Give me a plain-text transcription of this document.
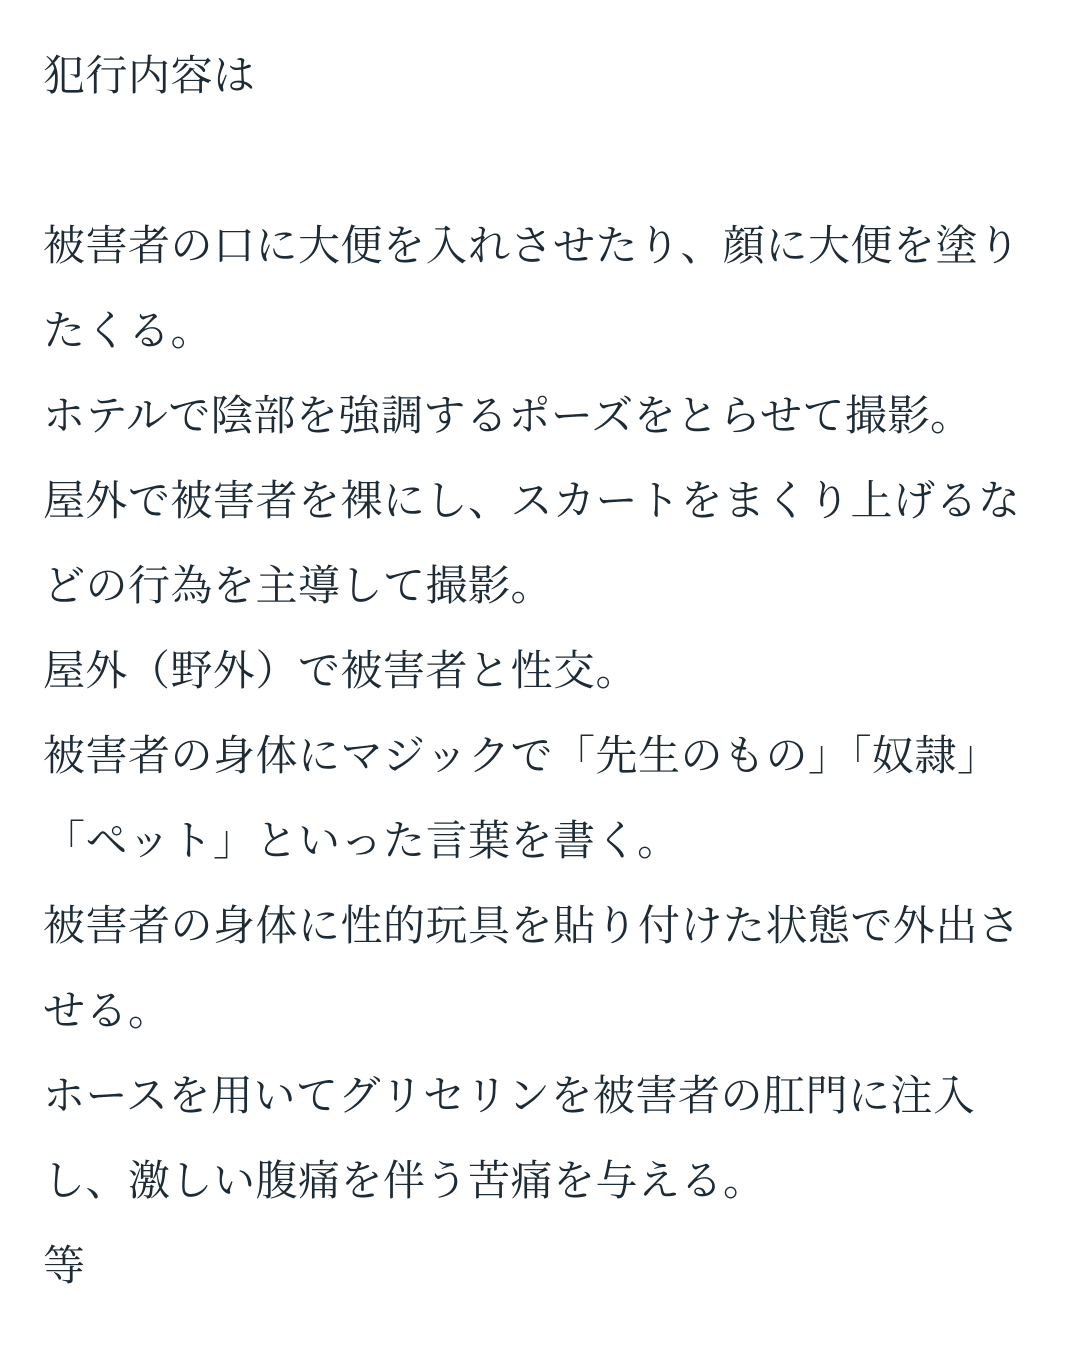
犯行内容は
被害者の口に大便を入れさせたり、顔に大便を塗り
たくる。
ホテルで陰部を強調するポーズをとらせて撮影。
屋外で被害者を裸にし、スカートをまくり上げるな
どの行為を主導して撮影。
屋外（野外）で被害者と性交。
被害者の身体にマジックで「先生のもの」「奴隷」
「ペット」といった言葉を書く。
被害者の身体に性的玩具を貼り付けた状態で外出さ
せる。
ホースを用いてグリセリンを被害者の肛門に注入
し、激しい腹痛を伴う苦痛を与える。
等
